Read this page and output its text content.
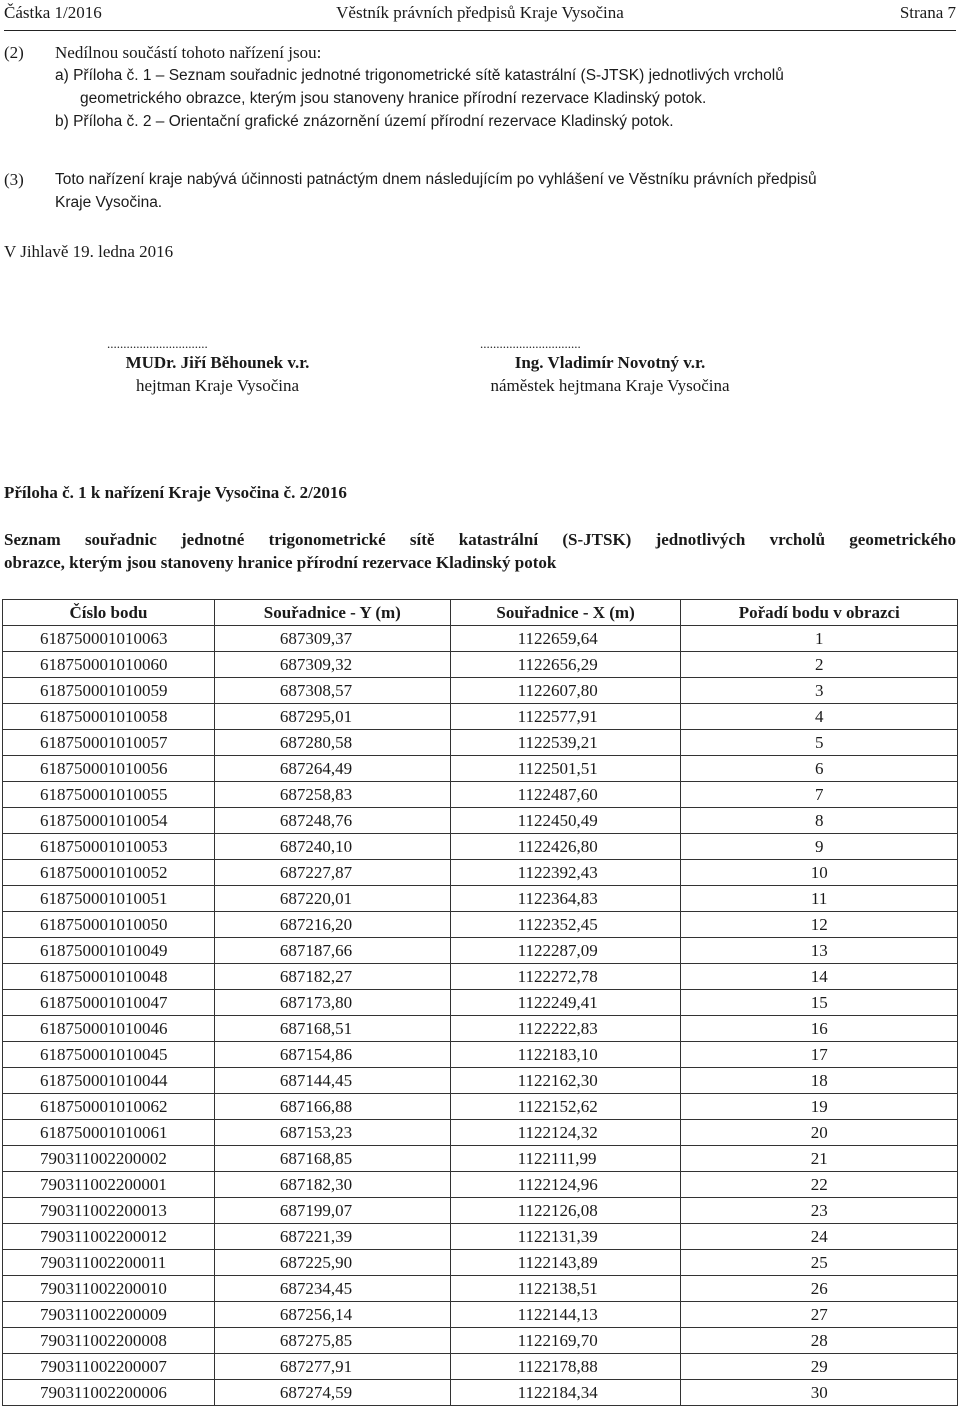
Částka 1/2016	Věstník právních předpisů Kraje Vysočina	Strana 7
(2) Nedílnou součástí tohoto nařízení jsou:
a) Příloha č. 1 – Seznam souřadnic jednotné trigonometrické sítě katastrální (S-JTSK) jednotlivých vrcholů
geometrického obrazce, kterým jsou stanoveny hranice přírodní rezervace Kladinský potok.
b) Příloha č. 2 – Orientační grafické znázornění území přírodní rezervace Kladinský potok.
(3) Toto nařízení kraje nabývá účinnosti patnáctým dnem následujícím po vyhlášení ve Věstníku právních předpisů
Kraje Vysočina.
V Jihlavě 19. ledna 2016
...............................
MUDr. Jiří Běhounek v.r.
hejtman Kraje Vysočina
...............................
Ing. Vladimír Novotný v.r.
náměstek hejtmana Kraje Vysočina
Příloha č. 1 k nařízení Kraje Vysočina č. 2/2016
Seznam souřadnic jednotné trigonometrické sítě katastrální (S-JTSK) jednotlivých vrcholů geometrického
obrazce, kterým jsou stanoveny hranice přírodní rezervace Kladinský potok
Číslo bodu	Souřadnice - Y (m)	Souřadnice - X (m)	Pořadí bodu v obrazci
618750001010063	687309,37	1122659,64	1
618750001010060	687309,32	1122656,29	2
618750001010059	687308,57	1122607,80	3
618750001010058	687295,01	1122577,91	4
618750001010057	687280,58	1122539,21	5
618750001010056	687264,49	1122501,51	6
618750001010055	687258,83	1122487,60	7
618750001010054	687248,76	1122450,49	8
618750001010053	687240,10	1122426,80	9
618750001010052	687227,87	1122392,43	10
618750001010051	687220,01	1122364,83	11
618750001010050	687216,20	1122352,45	12
618750001010049	687187,66	1122287,09	13
618750001010048	687182,27	1122272,78	14
618750001010047	687173,80	1122249,41	15
618750001010046	687168,51	1122222,83	16
618750001010045	687154,86	1122183,10	17
618750001010044	687144,45	1122162,30	18
618750001010062	687166,88	1122152,62	19
618750001010061	687153,23	1122124,32	20
790311002200002	687168,85	1122111,99	21
790311002200001	687182,30	1122124,96	22
790311002200013	687199,07	1122126,08	23
790311002200012	687221,39	1122131,39	24
790311002200011	687225,90	1122143,89	25
790311002200010	687234,45	1122138,51	26
790311002200009	687256,14	1122144,13	27
790311002200008	687275,85	1122169,70	28
790311002200007	687277,91	1122178,88	29
790311002200006	687274,59	1122184,34	30
